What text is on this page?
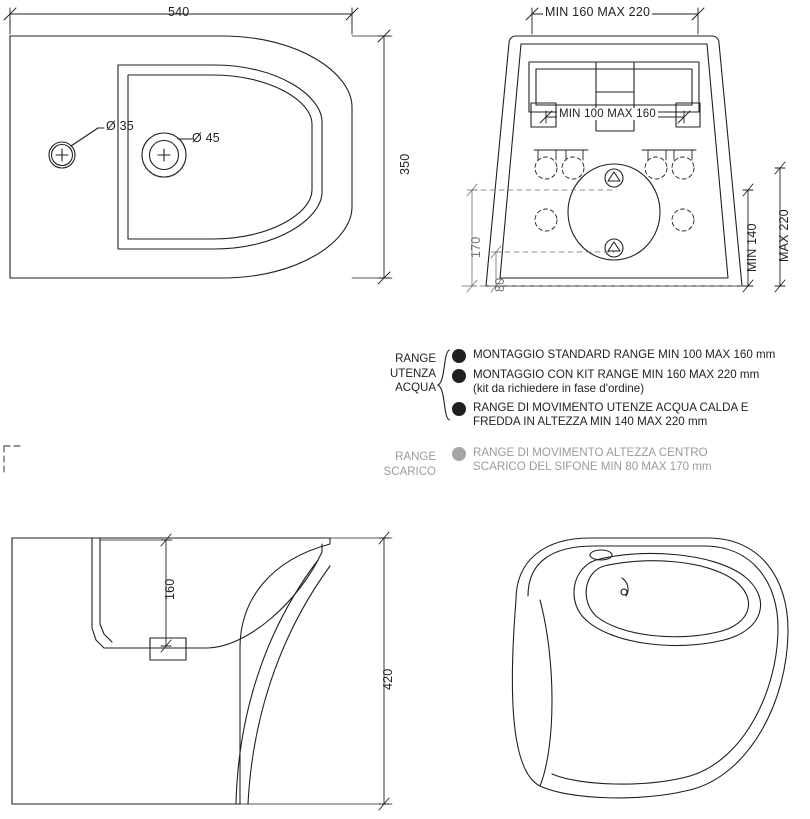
540
350
Ø 35
Ø 45
MIN 160 MAX 220
MIN 100 MAX 160
170
80
MIN 140 MAX 220
160
420
RANGE
UTENZA
ACQUA
MONTAGGIO STANDARD RANGE MIN 100 MAX 160 mm
MONTAGGIO CON KIT RANGE MIN 160 MAX 220 mm
(kit da richiedere in fase d'ordine)
RANGE DI MOVIMENTO UTENZE ACQUA CALDA E
FREDDA IN ALTEZZA MIN 140 MAX 220 mm
RANGE
SCARICO
RANGE DI MOVIMENTO ALTEZZA CENTRO
SCARICO DEL SIFONE MIN 80 MAX 170 mm
